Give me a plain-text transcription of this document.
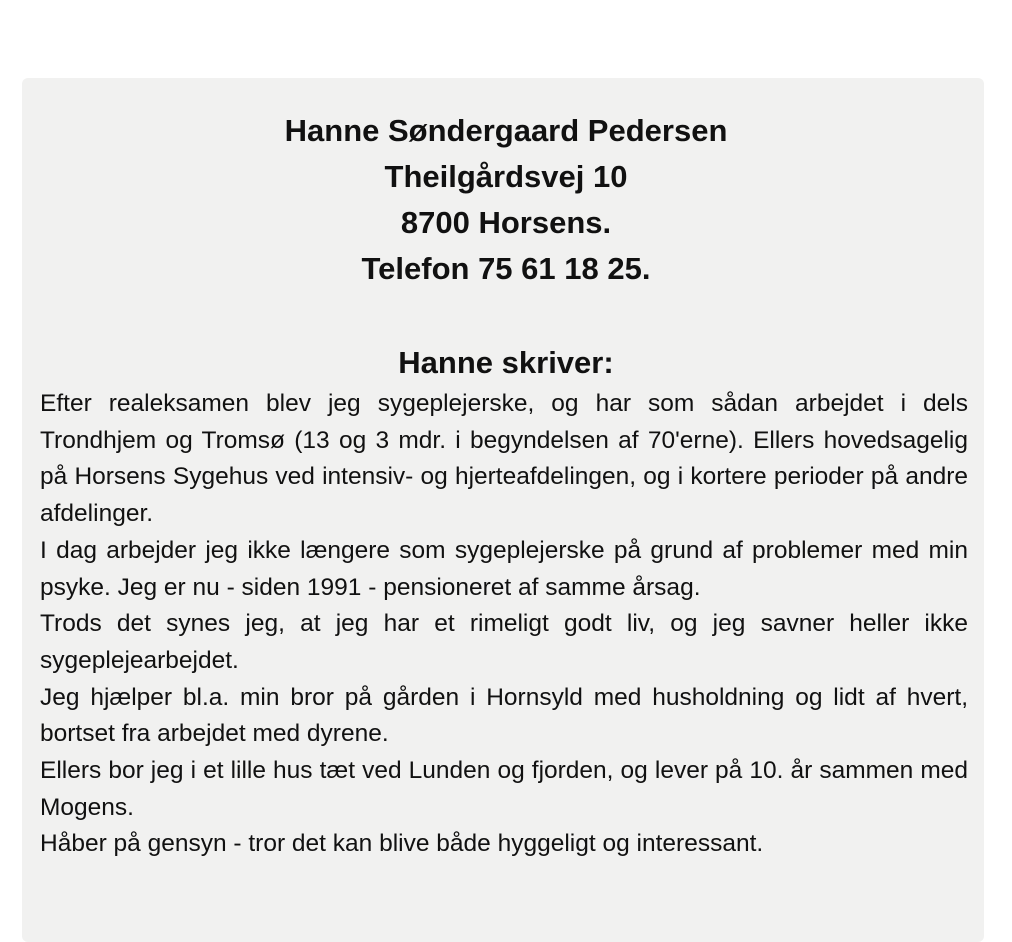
Hanne Søndergaard Pedersen
Theilgårdsvej 10
8700 Horsens.
Telefon 75 61 18 25.
Hanne skriver:
Efter realeksamen blev jeg sygeplejerske, og har som sådan arbejdet i dels Trondhjem og Tromsø (13 og 3 mdr. i begyndelsen af 70'erne). Ellers hovedsagelig på Horsens Sygehus ved intensiv- og hjerteafdelingen, og i kortere perioder på andre afdelinger.
I dag arbejder jeg ikke længere som sygeplejerske på grund af problemer med min psyke. Jeg er nu - siden 1991 - pensioneret af samme årsag.
Trods det synes jeg, at jeg har et rimeligt godt liv, og jeg savner heller ikke sygeplejearbejdet.
Jeg hjælper bl.a. min bror på gården i Hornsyld med husholdning og lidt af hvert, bortset fra arbejdet med dyrene.
Ellers bor jeg i et lille hus tæt ved Lunden og fjorden, og lever på 10. år sammen med Mogens.
Håber på gensyn - tror det kan blive både hyggeligt og interessant.
